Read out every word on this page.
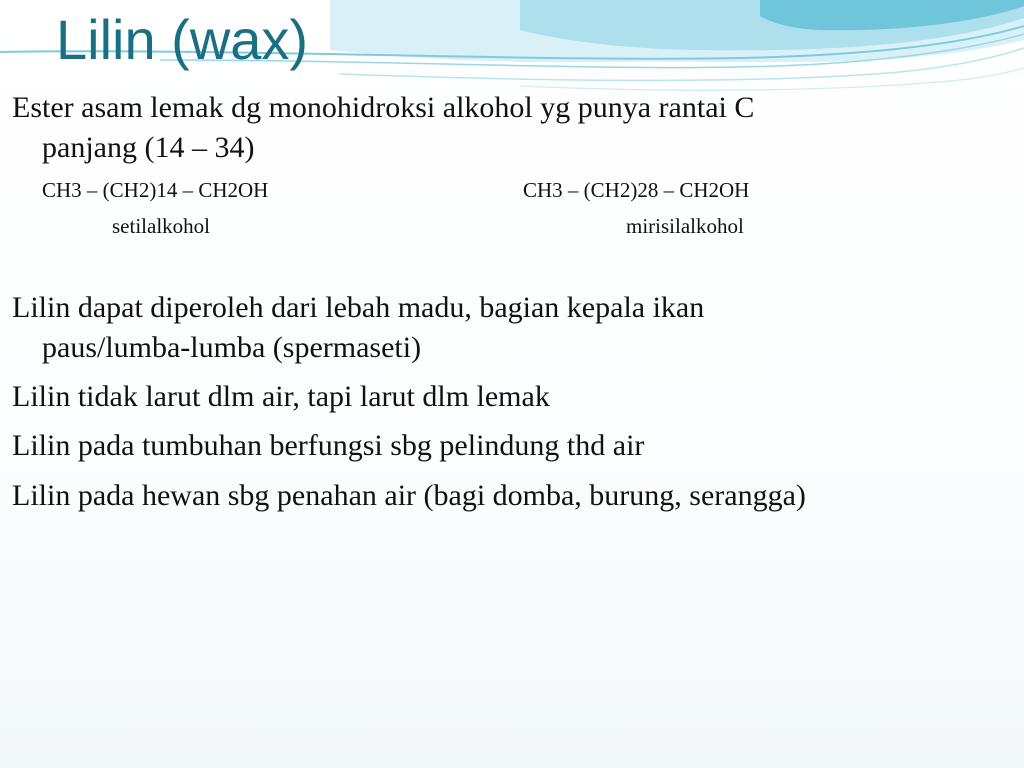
Lilin (wax)

Ester asam lemak dg monohidroksi alkohol yg punya rantai C
panjang (14 – 34)

CH3 – (CH2)14 – CH2OH	CH3 – (CH2)28 – CH2OH

setilalkohol	mirisilalkohol

Lilin dapat diperoleh dari lebah madu, bagian kepala ikan
paus/lumba-lumba (spermaseti)

Lilin tidak larut dlm air, tapi larut dlm lemak

Lilin pada tumbuhan berfungsi sbg pelindung thd air

Lilin pada hewan sbg penahan air (bagi domba, burung, serangga)
